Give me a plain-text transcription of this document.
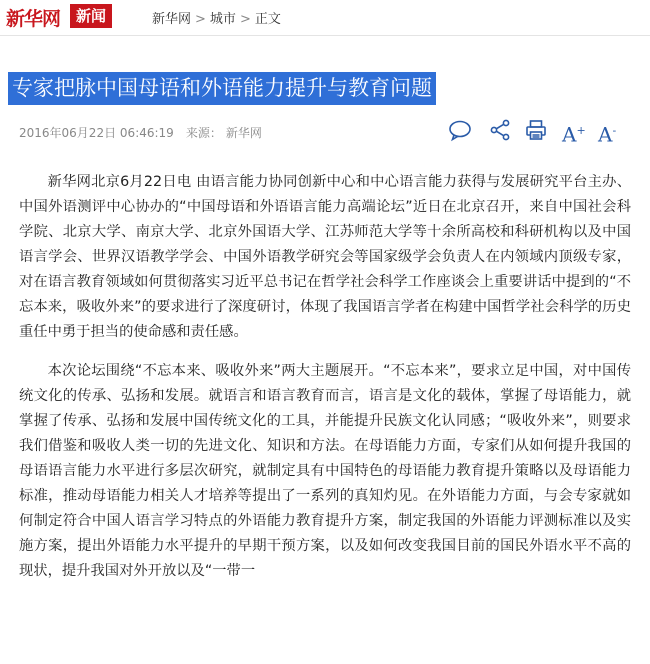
新华网	新闻	新华网 > 城市 > 正文
专家把脉中国母语和外语能力提升与教育问题
2016年06月22日 06:46:19 来源： 新华网	A+ A-

新华网北京6月22日电 由语言能力协同创新中心和中心语言能力获得与发展研究平台主办、中国外语测评中心协办的“中国母语和外语语言能力高端论坛”近日在北京召开，来自中国社会科学院、北京大学、南京大学、北京外国语大学、江苏师范大学等十余所高校和科研机构以及中国语言学会、世界汉语教学学会、中国外语教学研究会等国家级学会负责人在内领域内顶级专家，对在语言教育领域如何贯彻落实习近平总书记在哲学社会科学工作座谈会上重要讲话中提到的“不忘本来，吸收外来”的要求进行了深度研讨，体现了我国语言学者在构建中国哲学社会科学的历史重任中勇于担当的使命感和责任感。

本次论坛围绕“不忘本来、吸收外来”两大主题展开。“不忘本来”，要求立足中国，对中国传统文化的传承、弘扬和发展。就语言和语言教育而言，语言是文化的载体，掌握了母语能力，就掌握了传承、弘扬和发展中国传统文化的工具，并能提升民族文化认同感；“吸收外来”，则要求我们借鉴和吸收人类一切的先进文化、知识和方法。在母语能力方面，专家们从如何提升我国的母语语言能力水平进行多层次研究，就制定具有中国特色的母语能力教育提升策略以及母语能力标准，推动母语能力相关人才培养等提出了一系列的真知灼见。在外语能力方面，与会专家就如何制定符合中国人语言学习特点的外语能力教育提升方案，制定我国的外语能力评测标准以及实施方案，提出外语能力水平提升的早期干预方案，以及如何改变我国目前的国民外语水平不高的现状，提升我国对外开放以及“一带一
